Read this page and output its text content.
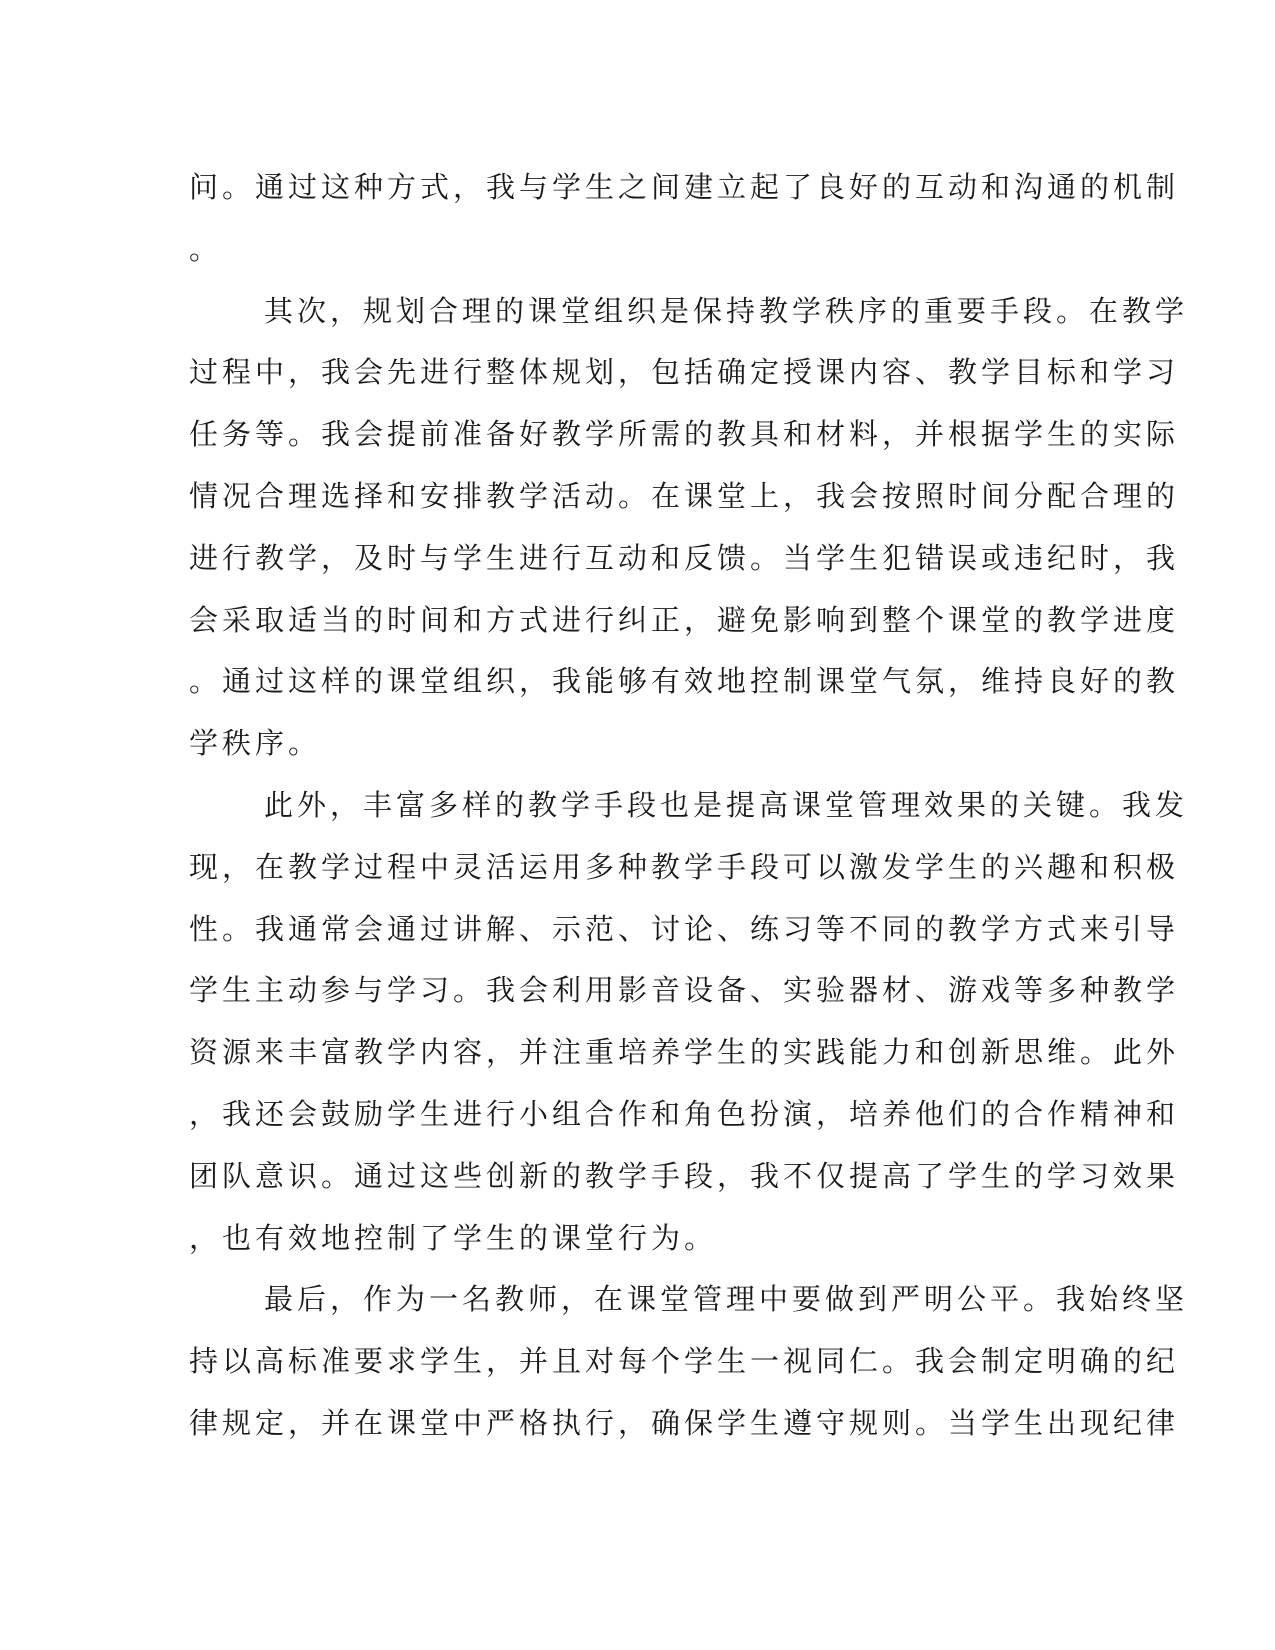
问。通过这种方式，我与学生之间建立起了良好的互动和沟通的机制
。
其次，规划合理的课堂组织是保持教学秩序的重要手段。在教学
过程中，我会先进行整体规划，包括确定授课内容、教学目标和学习
任务等。我会提前准备好教学所需的教具和材料，并根据学生的实际
情况合理选择和安排教学活动。在课堂上，我会按照时间分配合理的
进行教学，及时与学生进行互动和反馈。当学生犯错误或违纪时，我
会采取适当的时间和方式进行纠正，避免影响到整个课堂的教学进度
。通过这样的课堂组织，我能够有效地控制课堂气氛，维持良好的教
学秩序。
此外，丰富多样的教学手段也是提高课堂管理效果的关键。我发
现，在教学过程中灵活运用多种教学手段可以激发学生的兴趣和积极
性。我通常会通过讲解、示范、讨论、练习等不同的教学方式来引导
学生主动参与学习。我会利用影音设备、实验器材、游戏等多种教学
资源来丰富教学内容，并注重培养学生的实践能力和创新思维。此外
，我还会鼓励学生进行小组合作和角色扮演，培养他们的合作精神和
团队意识。通过这些创新的教学手段，我不仅提高了学生的学习效果
，也有效地控制了学生的课堂行为。
最后，作为一名教师，在课堂管理中要做到严明公平。我始终坚
持以高标准要求学生，并且对每个学生一视同仁。我会制定明确的纪
律规定，并在课堂中严格执行，确保学生遵守规则。当学生出现纪律
